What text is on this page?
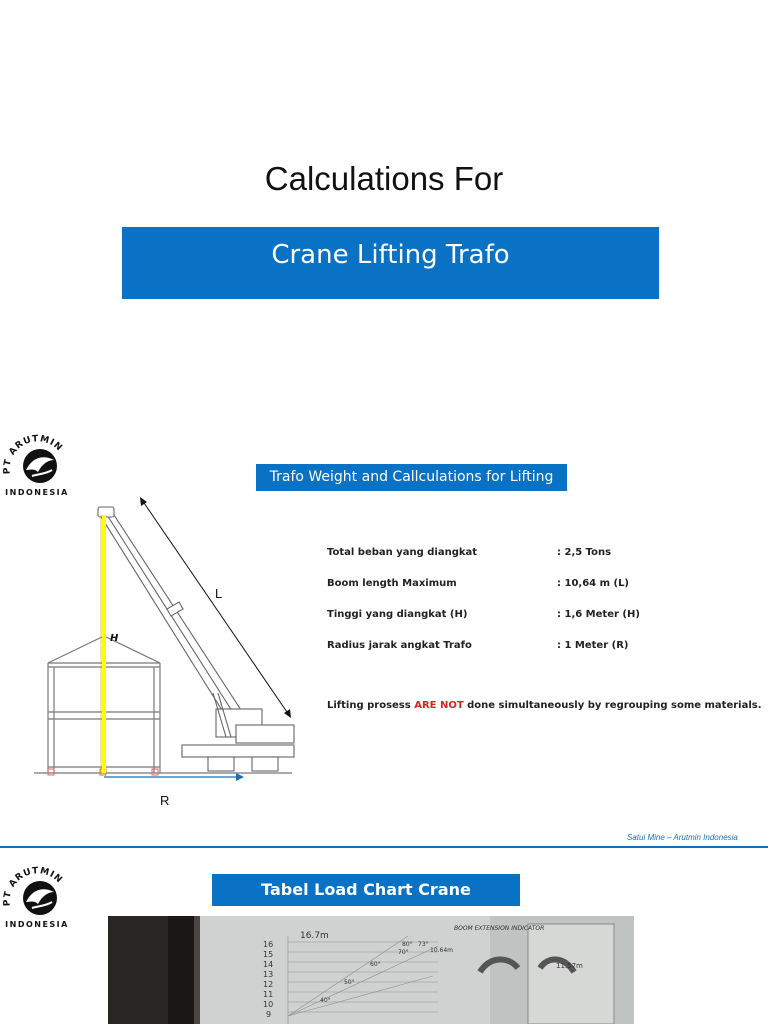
Calculations For
Crane Lifting Trafo
PT ARUTMIN
INDONESIA
Trafo Weight and Callculations for Lifting
H
L
R
Total beban yang diangkat	: 2,5 Tons
Boom length Maximum	: 10,64 m (L)
Tinggi yang diangkat (H)	: 1,6 Meter (H)
Radius jarak angkat Trafo	: 1 Meter (R)
Lifting prosess ARE NOT done simultaneously by regrouping some materials.
Satui Mine – Arutmin Indonesia
PT ARUTMIN
INDONESIA
Tabel Load Chart Crane
16
15
14
13
12
11
10
9
16.7m
80° 73°
70°
60°
50°
40°
10.64m
BOOM EXTENSION INDICATOR
11.57m
